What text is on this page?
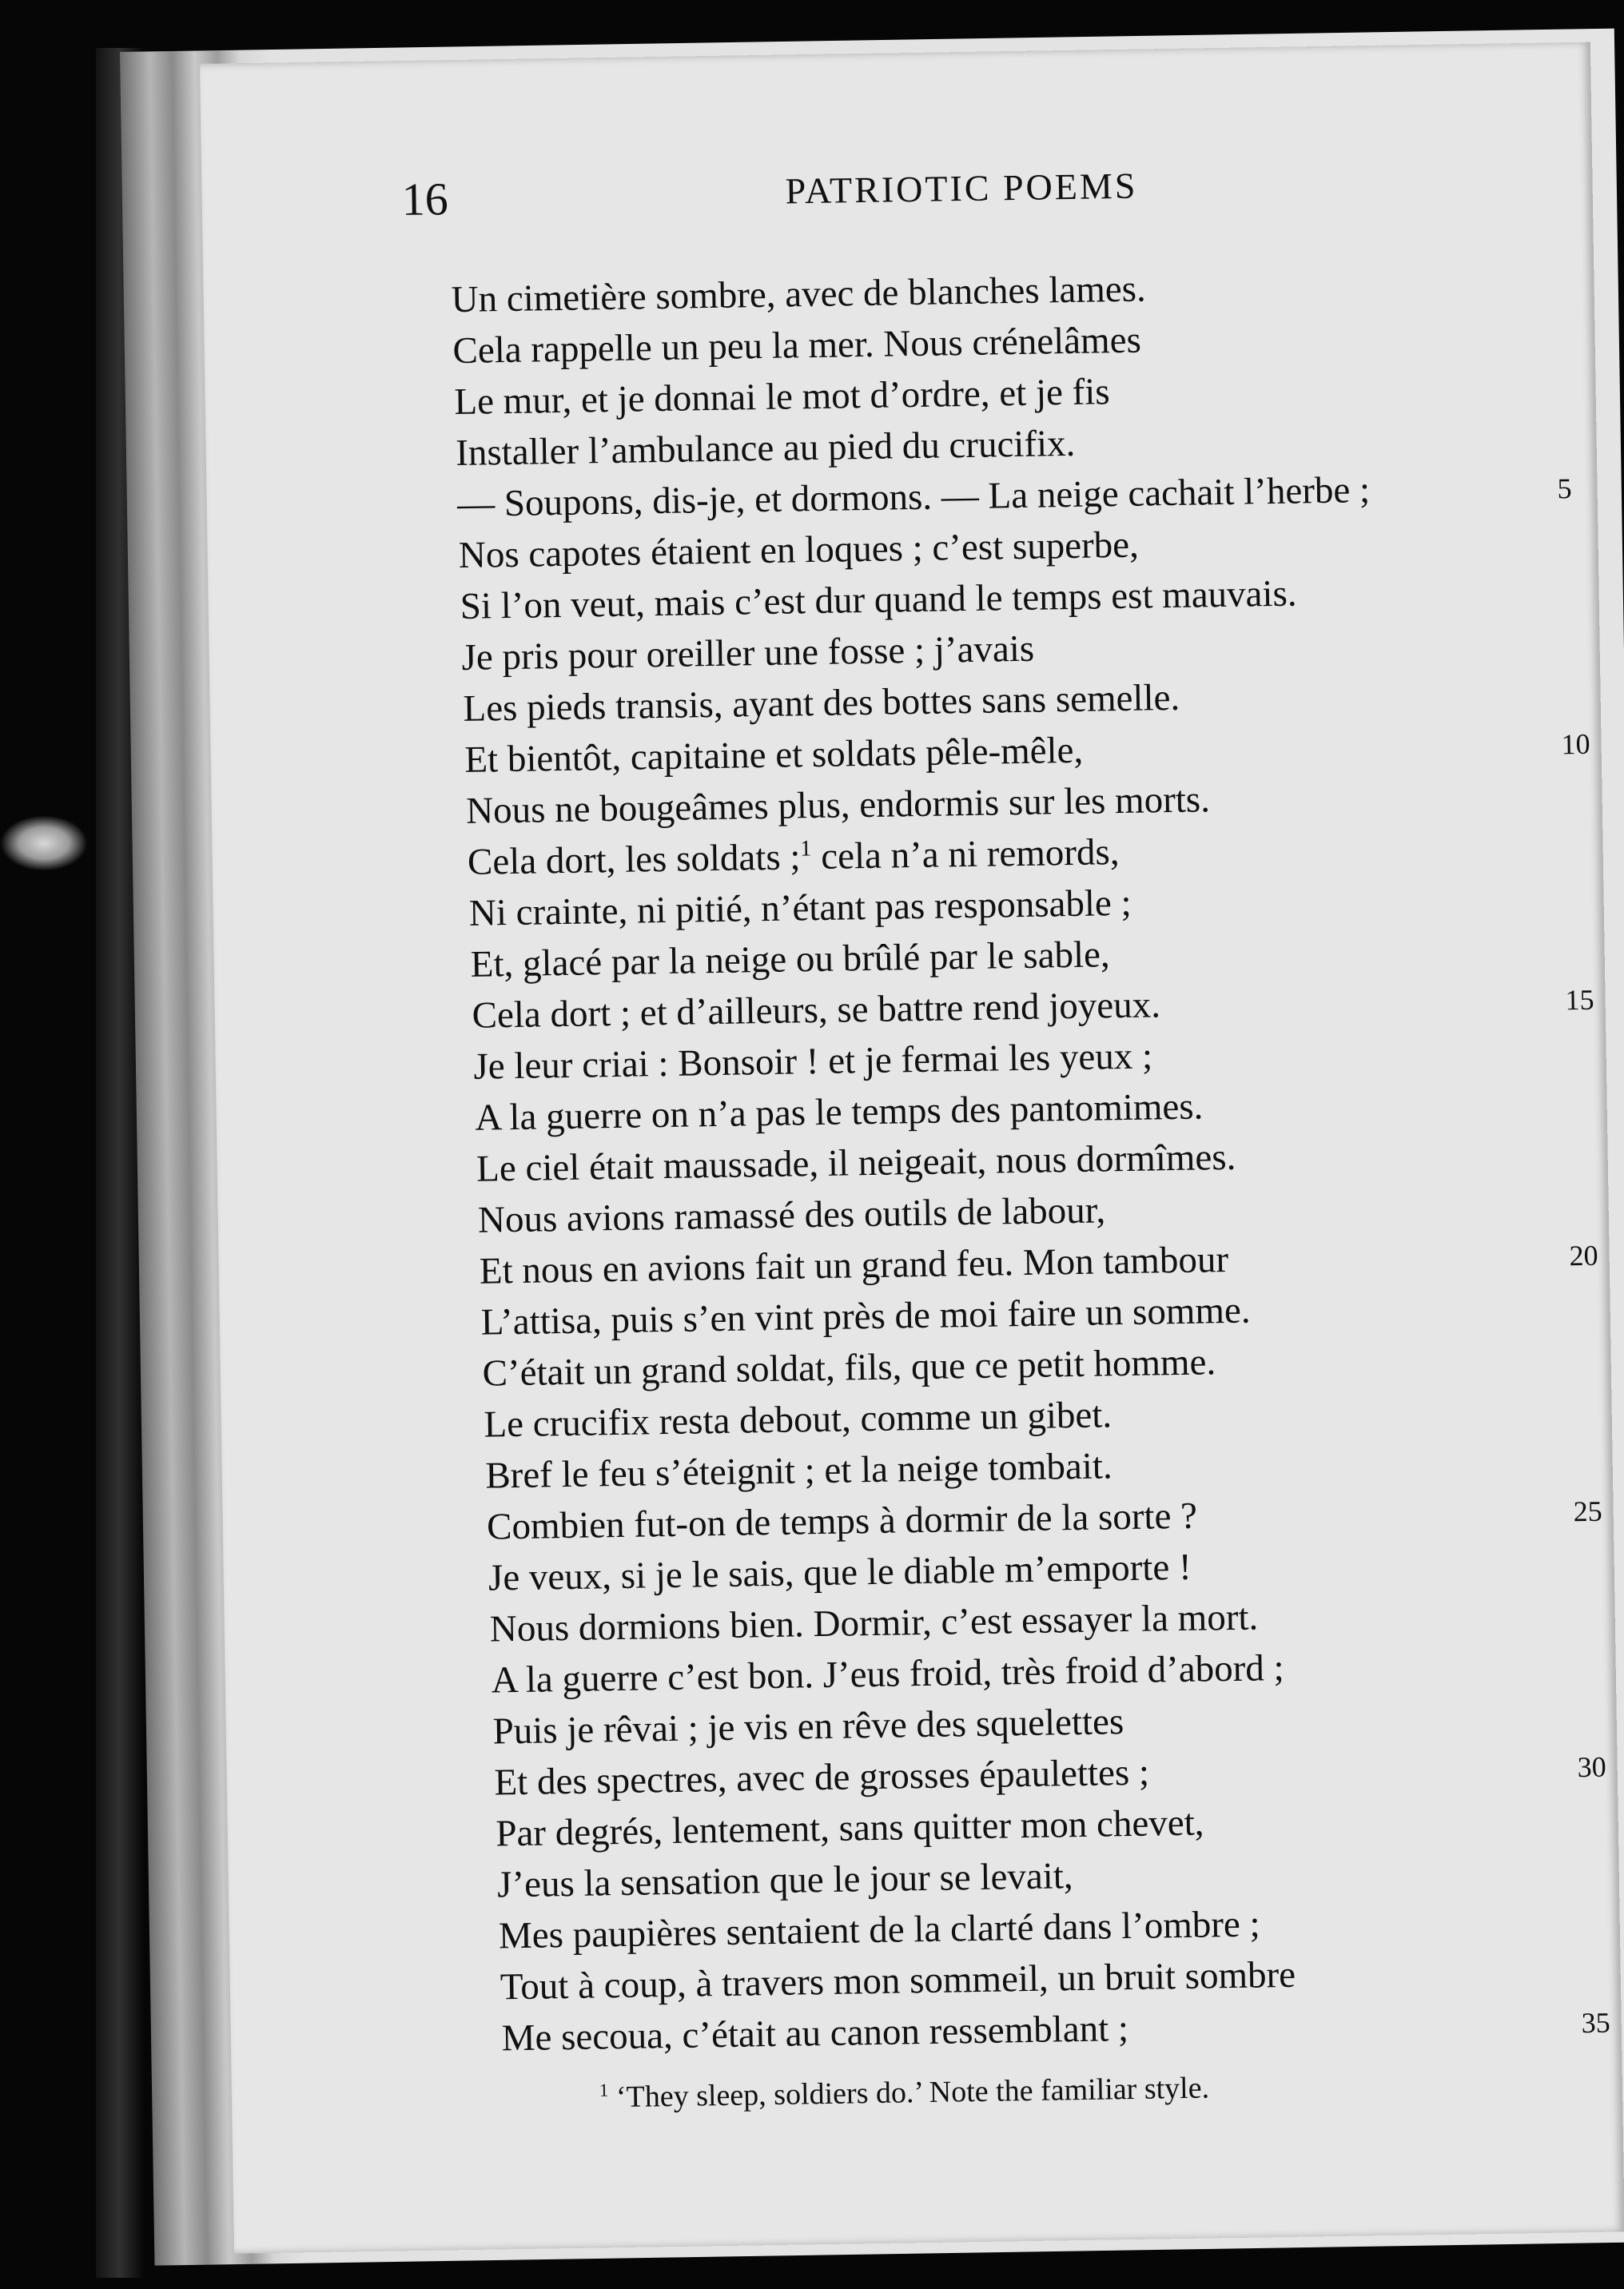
16	PATRIOTIC POEMS
Un cimetière sombre, avec de blanches lames.
Cela rappelle un peu la mer. Nous crénelâmes
Le mur, et je donnai le mot d’ordre, et je fis
Installer l’ambulance au pied du crucifix.
— Soupons, dis-je, et dormons. — La neige cachait l’herbe ;	5
Nos capotes étaient en loques ; c’est superbe,
Si l’on veut, mais c’est dur quand le temps est mauvais.
Je pris pour oreiller une fosse ; j’avais
Les pieds transis, ayant des bottes sans semelle.
Et bientôt, capitaine et soldats pêle-mêle,	10
Nous ne bougeâmes plus, endormis sur les morts.
Cela dort, les soldats ;$^1$ cela n’a ni remords,
Ni crainte, ni pitié, n’étant pas responsable ;
Et, glacé par la neige ou brûlé par le sable,
Cela dort ; et d’ailleurs, se battre rend joyeux.	15
Je leur criai : Bonsoir ! et je fermai les yeux ;
A la guerre on n’a pas le temps des pantomimes.
Le ciel était maussade, il neigeait, nous dormîmes.
Nous avions ramassé des outils de labour,
Et nous en avions fait un grand feu. Mon tambour	20
L’attisa, puis s’en vint près de moi faire un somme.
C’était un grand soldat, fils, que ce petit homme.
Le crucifix resta debout, comme un gibet.
Bref le feu s’éteignit ; et la neige tombait.
Combien fut-on de temps à dormir de la sorte ?	25
Je veux, si je le sais, que le diable m’emporte !
Nous dormions bien. Dormir, c’est essayer la mort.
A la guerre c’est bon. J’eus froid, très froid d’abord ;
Puis je rêvai ; je vis en rêve des squelettes
Et des spectres, avec de grosses épaulettes ;	30
Par degrés, lentement, sans quitter mon chevet,
J’eus la sensation que le jour se levait,
Mes paupières sentaient de la clarté dans l’ombre ;
Tout à coup, à travers mon sommeil, un bruit sombre
Me secoua, c’était au canon ressemblant ;	35
$^1$ ‘They sleep, soldiers do.’ Note the familiar style.
